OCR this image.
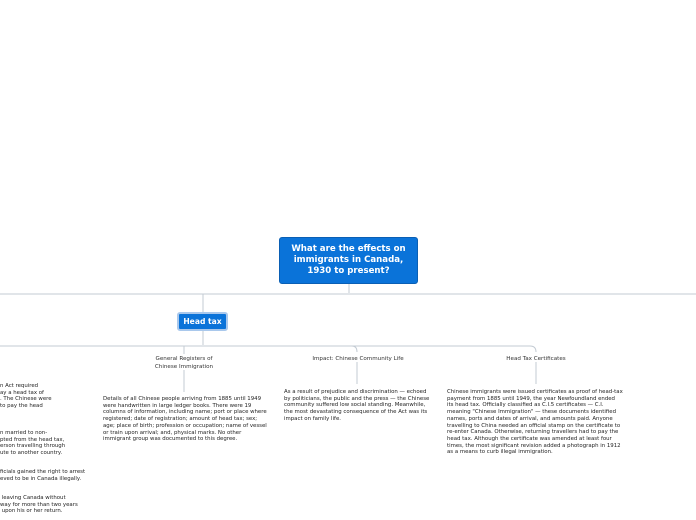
What are the effects on immigrants in Canada, 1930 to present?
Head tax
General Registers of Chinese Immigration
Impact: Chinese Community Life	Head Tax Certificates
Details of all Chinese people arriving from 1885 until 1949 were handwritten in large ledger books. There were 19 columns of information, including name; port or place where registered; date of registration; amount of head tax; sex; age; place of birth; profession or occupation; name of vessel or train upon arrival; and, physical marks. No other immigrant group was documented to this degree.
As a result of prejudice and discrimination — echoed by politicians, the public and the press — the Chinese community suffered low social standing. Meanwhile, the most devastating consequence of the Act was its impact on family life.
Chinese immigrants were issued certificates as proof of head-tax payment from 1885 until 1949, the year Newfoundland ended its head tax. Officially classified as C.I.5 certificates — C.I. meaning "Chinese Immigration" — these documents identified names, ports and dates of arrival, and amounts paid. Anyone travelling to China needed an official stamp on the certificate to re-enter Canada. Otherwise, returning travellers had to pay the head tax. Although the certificate was amended at least four times, the most significant revision added a photograph in 1912 as a means to curb illegal immigration.
n Act required
ay a head tax of
. The Chinese were
to pay the head
n married to non-
pted from the head tax,
erson travelling through
ute to another country.
ficials gained the right to arrest
eved to be in Canada illegally.
leaving Canada without
way for more than two years
upon his or her return.
